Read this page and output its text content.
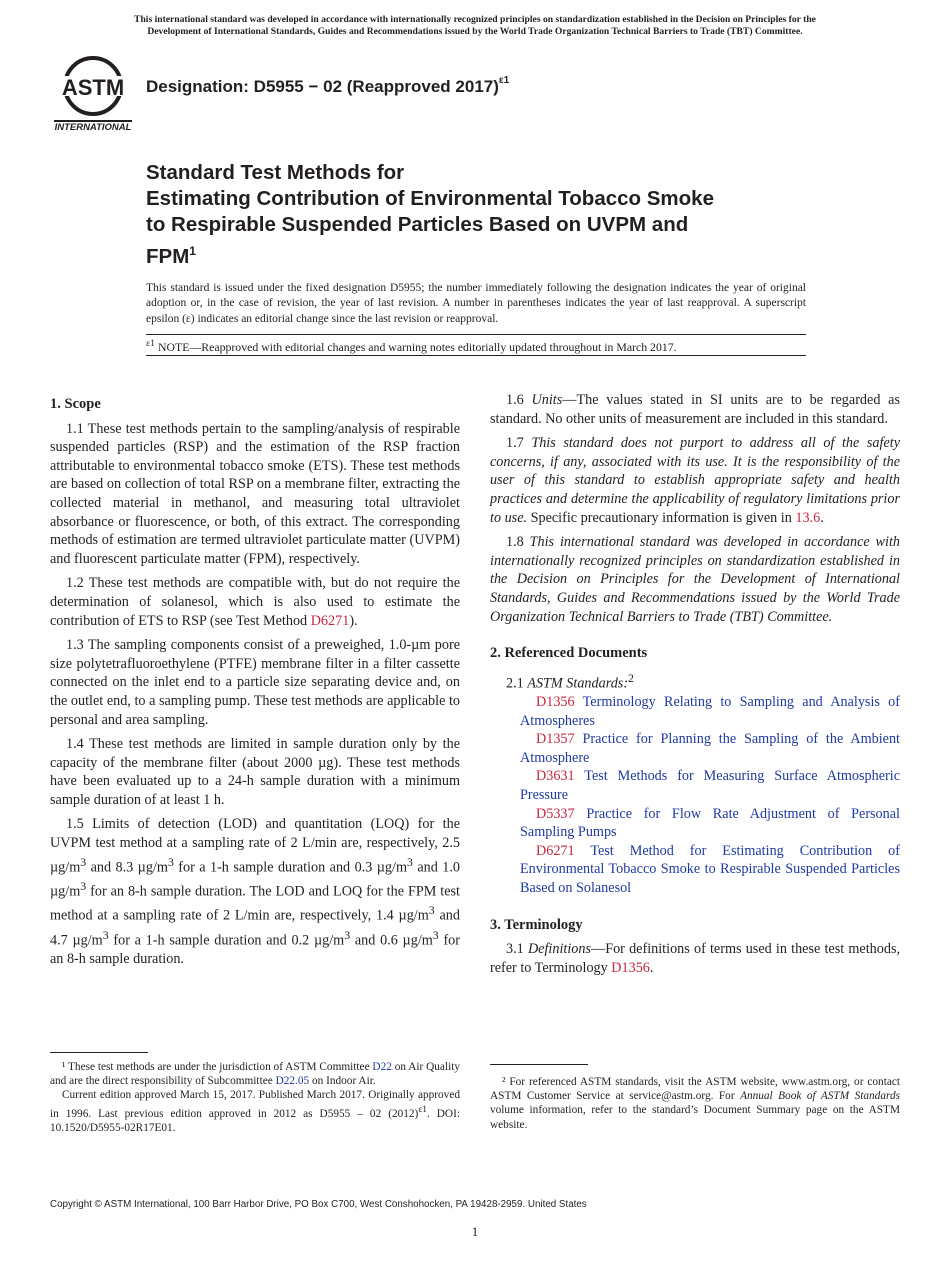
This international standard was developed in accordance with internationally recognized principles on standardization established in the Decision on Principles for the
Development of International Standards, Guides and Recommendations issued by the World Trade Organization Technical Barriers to Trade (TBT) Committee.
ASTM
INTERNATIONAL
Designation: D5955 − 02 (Reapproved 2017)$^{\varepsilon 1}$
Standard Test Methods for
Estimating Contribution of Environmental Tobacco Smoke
to Respirable Suspended Particles Based on UVPM and
FPM$^1$
This standard is issued under the fixed designation D5955; the number immediately following the designation indicates the year of original adoption or, in the case of revision, the year of last revision. A number in parentheses indicates the year of last reapproval. A superscript epsilon (ε) indicates an editorial change since the last revision or reapproval.
$^{\varepsilon 1}$ NOTE—Reapproved with editorial changes and warning notes editorially updated throughout in March 2017.

1. Scope

1.1 These test methods pertain to the sampling/analysis of respirable suspended particles (RSP) and the estimation of the RSP fraction attributable to environmental tobacco smoke (ETS). These test methods are based on collection of total RSP on a membrane filter, extracting the collected material in methanol, and measuring total ultraviolet absorbance or fluorescence, or both, of this extract. The corresponding methods of estimation are termed ultraviolet particulate matter (UVPM) and fluorescent particulate matter (FPM), respectively.

1.2 These test methods are compatible with, but do not require the determination of solanesol, which is also used to estimate the contribution of ETS to RSP (see Test Method D6271).

1.3 The sampling components consist of a preweighed, 1.0-µm pore size polytetrafluoroethylene (PTFE) membrane filter in a filter cassette connected on the inlet end to a particle size separating device and, on the outlet end, to a sampling pump. These test methods are applicable to personal and area sampling.

1.4 These test methods are limited in sample duration only by the capacity of the membrane filter (about 2000 µg). These test methods have been evaluated up to a 24-h sample duration with a minimum sample duration of at least 1 h.

1.5 Limits of detection (LOD) and quantitation (LOQ) for the UVPM test method at a sampling rate of 2 L/min are, respectively, 2.5 $\mu g/m^3$ and 8.3 $\mu g/m^3$ for a 1-h sample duration and 0.3 $\mu g/m^3$ and 1.0 $\mu g/m^3$ for an 8-h sample duration. The LOD and LOQ for the FPM test method at a sampling rate of 2 L/min are, respectively, 1.4 $\mu g/m^3$ and 4.7 $\mu g/m^3$ for a 1-h sample duration and 0.2 $\mu g/m^3$ and 0.6 $\mu g/m^3$ for an 8-h sample duration.

¹ These test methods are under the jurisdiction of ASTM Committee D22 on Air Quality and are the direct responsibility of Subcommittee D22.05 on Indoor Air.

Current edition approved March 15, 2017. Published March 2017. Originally approved in 1996. Last previous edition approved in 2012 as D5955 – 02 $(2012)^{\varepsilon 1}$. DOI: 10.1520/D5955-02R17E01.

1.6 Units—The values stated in SI units are to be regarded as standard. No other units of measurement are included in this standard.

1.7 This standard does not purport to address all of the safety concerns, if any, associated with its use. It is the responsibility of the user of this standard to establish appropriate safety and health practices and determine the applicability of regulatory limitations prior to use. Specific precautionary information is given in 13.6.

1.8 This international standard was developed in accordance with internationally recognized principles on standardization established in the Decision on Principles for the Development of International Standards, Guides and Recommendations issued by the World Trade Organization Technical Barriers to Trade (TBT) Committee.

2. Referenced Documents

2.1 ASTM Standards:$^2$

D1356 Terminology Relating to Sampling and Analysis of Atmospheres

D1357 Practice for Planning the Sampling of the Ambient Atmosphere

D3631 Test Methods for Measuring Surface Atmospheric Pressure

D5337 Practice for Flow Rate Adjustment of Personal Sampling Pumps

D6271 Test Method for Estimating Contribution of Environmental Tobacco Smoke to Respirable Suspended Particles Based on Solanesol

3. Terminology

3.1 Definitions—For definitions of terms used in these test methods, refer to Terminology D1356.

² For referenced ASTM standards, visit the ASTM website, www.astm.org, or contact ASTM Customer Service at service@astm.org. For Annual Book of ASTM Standards volume information, refer to the standard’s Document Summary page on the ASTM website.

Copyright © ASTM International, 100 Barr Harbor Drive, PO Box C700, West Conshohocken, PA 19428-2959. United States
1
